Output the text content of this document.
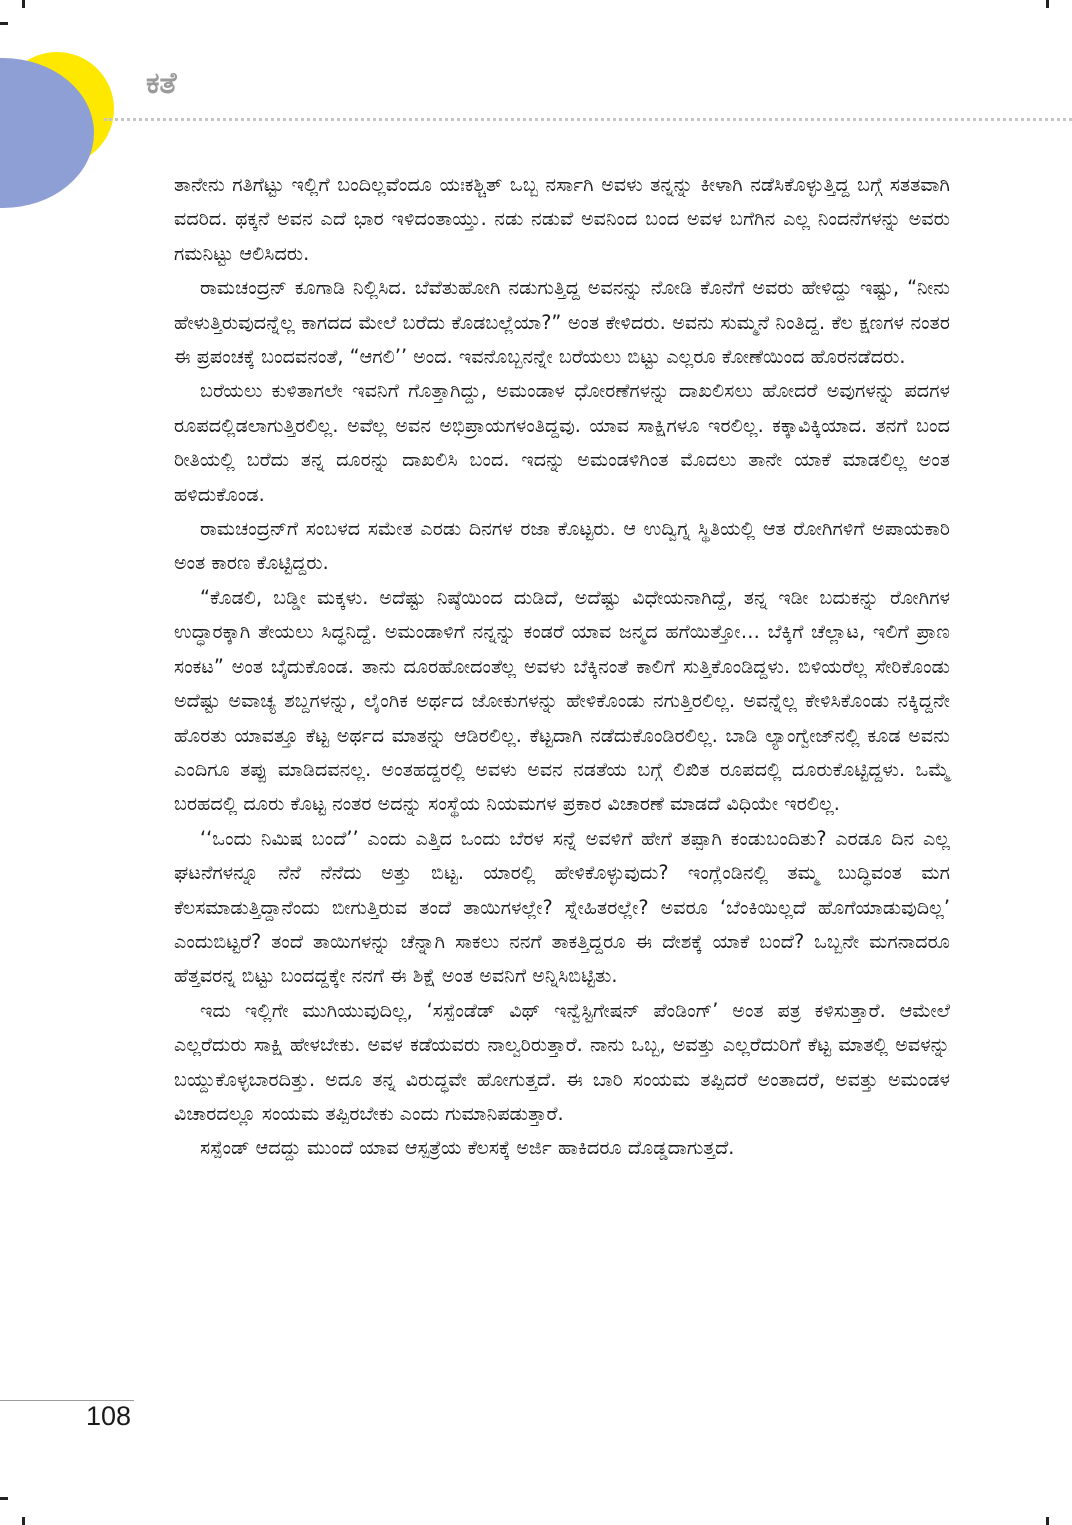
ಕತೆ

ತಾನೇನು ಗತಿಗೆಟ್ಟು ಇಲ್ಲಿಗೆ ಬಂದಿಲ್ಲವೆಂದೂ ಯಃಕಶ್ಚಿತ್ ಒಬ್ಬ ನರ್ಸಾಗಿ ಅವಳು ತನ್ನನ್ನು ಕೀಳಾಗಿ ನಡೆಸಿಕೊಳ್ಳುತ್ತಿದ್ದ ಬಗ್ಗೆ ಸತತವಾಗಿ ವದರಿದ. ಥಕ್ಕನೆ ಅವನ ಎದೆ ಭಾರ ಇಳಿದಂತಾಯ್ತು. ನಡು ನಡುವೆ ಅವನಿಂದ ಬಂದ ಅವಳ ಬಗೆಗಿನ ಎಲ್ಲ ನಿಂದನೆಗಳನ್ನು ಅವರು ಗಮನಿಟ್ಟು ಆಲಿಸಿದರು.

ರಾಮಚಂದ್ರನ್ ಕೂಗಾಡಿ ನಿಲ್ಲಿಸಿದ. ಬೆವೆತುಹೋಗಿ ನಡುಗುತ್ತಿದ್ದ ಅವನನ್ನು ನೋಡಿ ಕೊನೆಗೆ ಅವರು ಹೇಳಿದ್ದು ಇಷ್ಟು, “ನೀನು ಹೇಳುತ್ತಿರುವುದನ್ನೆಲ್ಲ ಕಾಗದದ ಮೇಲೆ ಬರೆದು ಕೊಡಬಲ್ಲೆಯಾ?” ಅಂತ ಕೇಳಿದರು. ಅವನು ಸುಮ್ಮನೆ ನಿಂತಿದ್ದ. ಕೆಲ ಕ್ಷಣಗಳ ನಂತರ ಈ ಪ್ರಪಂಚಕ್ಕೆ ಬಂದವನಂತೆ, “ಆಗಲಿ’’ ಅಂದ. ಇವನೊಬ್ಬನನ್ನೇ ಬರೆಯಲು ಬಿಟ್ಟು ಎಲ್ಲರೂ ಕೋಣೆಯಿಂದ ಹೊರನಡೆದರು.

ಬರೆಯಲು ಕುಳಿತಾಗಲೇ ಇವನಿಗೆ ಗೊತ್ತಾಗಿದ್ದು, ಅಮಂಡಾಳ ಧೋರಣೆಗಳನ್ನು ದಾಖಲಿಸಲು ಹೋದರೆ ಅವುಗಳನ್ನು ಪದಗಳ ರೂಪದಲ್ಲಿಡಲಾಗುತ್ತಿರಲಿಲ್ಲ. ಅವೆಲ್ಲ ಅವನ ಅಭಿಪ್ರಾಯಗಳಂತಿದ್ದವು. ಯಾವ ಸಾಕ್ಷಿಗಳೂ ಇರಲಿಲ್ಲ. ಕಕ್ಕಾವಿಕ್ಕಿಯಾದ. ತನಗೆ ಬಂದ ರೀತಿಯಲ್ಲಿ ಬರೆದು ತನ್ನ ದೂರನ್ನು ದಾಖಲಿಸಿ ಬಂದ. ಇದನ್ನು ಅಮಂಡಳಿಗಿಂತ ಮೊದಲು ತಾನೇ ಯಾಕೆ ಮಾಡಲಿಲ್ಲ ಅಂತ ಹಳಿದುಕೊಂಡ.

ರಾಮಚಂದ್ರನ್‌ಗೆ ಸಂಬಳದ ಸಮೇತ ಎರಡು ದಿನಗಳ ರಜಾ ಕೊಟ್ಟರು. ಆ ಉದ್ವಿಗ್ನ ಸ್ಥಿತಿಯಲ್ಲಿ ಆತ ರೋಗಿಗಳಿಗೆ ಅಪಾಯಕಾರಿ ಅಂತ ಕಾರಣ ಕೊಟ್ಟಿದ್ದರು.

“ಕೊಡಲಿ, ಬಡ್ಡೀ ಮಕ್ಕಳು. ಅದೆಷ್ಟು ನಿಷ್ಠೆಯಿಂದ ದುಡಿದೆ, ಅದೆಷ್ಟು ವಿಧೇಯನಾಗಿದ್ದೆ, ತನ್ನ ಇಡೀ ಬದುಕನ್ನು ರೋಗಿಗಳ ಉದ್ಧಾರಕ್ಕಾಗಿ ತೇಯಲು ಸಿದ್ಧನಿದ್ದೆ. ಅಮಂಡಾಳಿಗೆ ನನ್ನನ್ನು ಕಂಡರೆ ಯಾವ ಜನ್ಮದ ಹಗೆಯಿತ್ತೋ… ಬೆಕ್ಕಿಗೆ ಚೆಲ್ಲಾಟ, ಇಲಿಗೆ ಪ್ರಾಣ ಸಂಕಟ” ಅಂತ ಬೈದುಕೊಂಡ. ತಾನು ದೂರಹೋದಂತೆಲ್ಲ ಅವಳು ಬೆಕ್ಕಿನಂತೆ ಕಾಲಿಗೆ ಸುತ್ತಿಕೊಂಡಿದ್ದಳು. ಬಿಳಿಯರೆಲ್ಲ ಸೇರಿಕೊಂಡು ಅದೆಷ್ಟು ಅವಾಚ್ಯ ಶಬ್ದಗಳನ್ನು, ಲೈಂಗಿಕ ಅರ್ಥದ ಜೋಕುಗಳನ್ನು ಹೇಳಿಕೊಂಡು ನಗುತ್ತಿರಲಿಲ್ಲ. ಅವನ್ನೆಲ್ಲ ಕೇಳಿಸಿಕೊಂಡು ನಕ್ಕಿದ್ದನೇ ಹೊರತು ಯಾವತ್ತೂ ಕೆಟ್ಟ ಅರ್ಥದ ಮಾತನ್ನು ಆಡಿರಲಿಲ್ಲ. ಕೆಟ್ಟದಾಗಿ ನಡೆದುಕೊಂಡಿರಲಿಲ್ಲ. ಬಾಡಿ ಲ್ಯಾಂಗ್ವೇಜ್‌ನಲ್ಲಿ ಕೂಡ ಅವನು ಎಂದಿಗೂ ತಪ್ಪು ಮಾಡಿದವನಲ್ಲ. ಅಂತಹದ್ದರಲ್ಲಿ ಅವಳು ಅವನ ನಡತೆಯ ಬಗ್ಗೆ ಲಿಖಿತ ರೂಪದಲ್ಲಿ ದೂರುಕೊಟ್ಟಿದ್ದಳು. ಒಮ್ಮೆ ಬರಹದಲ್ಲಿ ದೂರು ಕೊಟ್ಟ ನಂತರ ಅದನ್ನು ಸಂಸ್ಥೆಯ ನಿಯಮಗಳ ಪ್ರಕಾರ ವಿಚಾರಣೆ ಮಾಡದೆ ವಿಧಿಯೇ ಇರಲಿಲ್ಲ.

‘‘ಒಂದು ನಿಮಿಷ ಬಂದೆ’’ ಎಂದು ಎತ್ತಿದ ಒಂದು ಬೆರಳ ಸನ್ನೆ ಅವಳಿಗೆ ಹೇಗೆ ತಪ್ಪಾಗಿ ಕಂಡುಬಂದಿತು? ಎರಡೂ ದಿನ ಎಲ್ಲ ಘಟನೆಗಳನ್ನೂ ನೆನೆ ನೆನೆದು ಅತ್ತು ಬಿಟ್ಟ. ಯಾರಲ್ಲಿ ಹೇಳಿಕೊಳ್ಳುವುದು? ಇಂಗ್ಲೆಂಡಿನಲ್ಲಿ ತಮ್ಮ ಬುದ್ಧಿವಂತ ಮಗ ಕೆಲಸಮಾಡುತ್ತಿದ್ದಾನೆಂದು ಬೀಗುತ್ತಿರುವ ತಂದೆ ತಾಯಿಗಳಲ್ಲೇ? ಸ್ನೇಹಿತರಲ್ಲೇ? ಅವರೂ ‘ಬೆಂಕಿಯಿಲ್ಲದೆ ಹೊಗೆಯಾಡುವುದಿಲ್ಲ’ ಎಂದುಬಿಟ್ಟರೆ? ತಂದೆ ತಾಯಿಗಳನ್ನು ಚೆನ್ನಾಗಿ ಸಾಕಲು ನನಗೆ ತಾಕತ್ತಿದ್ದರೂ ಈ ದೇಶಕ್ಕೆ ಯಾಕೆ ಬಂದೆ? ಒಬ್ಬನೇ ಮಗನಾದರೂ ಹೆತ್ತವರನ್ನ ಬಿಟ್ಟು ಬಂದದ್ದಕ್ಕೇ ನನಗೆ ಈ ಶಿಕ್ಷೆ ಅಂತ ಅವನಿಗೆ ಅನ್ನಿಸಿಬಿಟ್ಟಿತು.

ಇದು ಇಲ್ಲಿಗೇ ಮುಗಿಯುವುದಿಲ್ಲ, ‘ಸಸ್ಪೆಂಡೆಡ್ ವಿಥ್ ಇನ್ವೆಸ್ಟಿಗೇಷನ್ ಪೆಂಡಿಂಗ್’ ಅಂತ ಪತ್ರ ಕಳಿಸುತ್ತಾರೆ. ಆಮೇಲೆ ಎಲ್ಲರೆದುರು ಸಾಕ್ಷಿ ಹೇಳಬೇಕು. ಅವಳ ಕಡೆಯವರು ನಾಲ್ವರಿರುತ್ತಾರೆ. ನಾನು ಒಬ್ಬ, ಅವತ್ತು ಎಲ್ಲರೆದುರಿಗೆ ಕೆಟ್ಟ ಮಾತಲ್ಲಿ ಅವಳನ್ನು ಬಯ್ದುಕೊಳ್ಳಬಾರದಿತ್ತು. ಅದೂ ತನ್ನ ವಿರುದ್ಧವೇ ಹೋಗುತ್ತದೆ. ಈ ಬಾರಿ ಸಂಯಮ ತಪ್ಪಿದರೆ ಅಂತಾದರೆ, ಅವತ್ತು ಅಮಂಡಳ ವಿಚಾರದಲ್ಲೂ ಸಂಯಮ ತಪ್ಪಿರಬೇಕು ಎಂದು ಗುಮಾನಿಪಡುತ್ತಾರೆ.

ಸಸ್ಪೆಂಡ್ ಆದದ್ದು ಮುಂದೆ ಯಾವ ಆಸ್ಪತ್ರೆಯ ಕೆಲಸಕ್ಕೆ ಅರ್ಜಿ ಹಾಕಿದರೂ ದೊಡ್ಡದಾಗುತ್ತದೆ.

108
